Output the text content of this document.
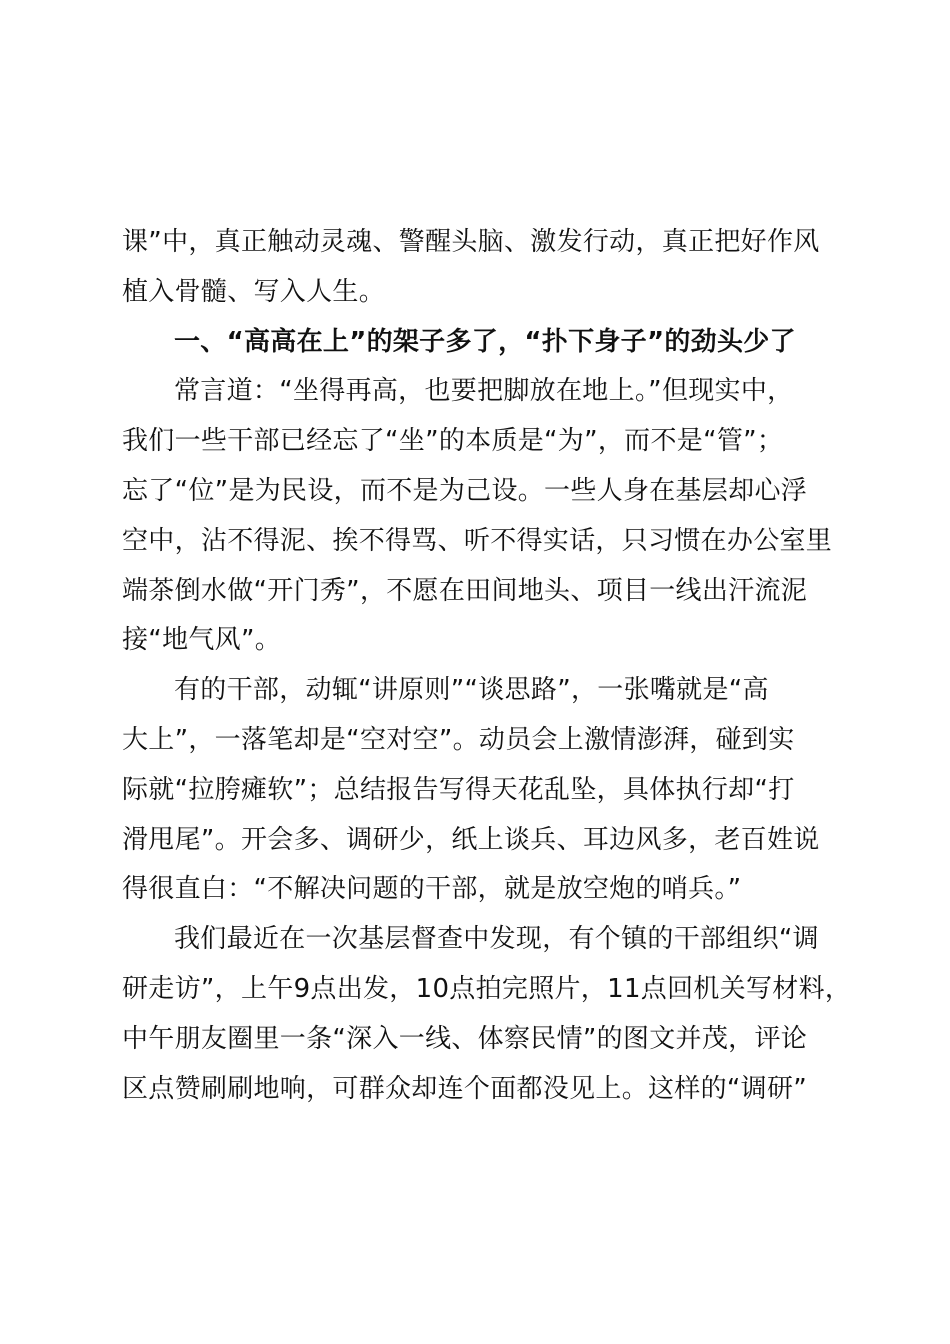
课”中，真正触动灵魂、警醒头脑、激发行动，真正把好作风
植入骨髓、写入人生。
一、“高高在上”的架子多了，“扑下身子”的劲头少了
常言道：“坐得再高，也要把脚放在地上。”但现实中，
我们一些干部已经忘了“坐”的本质是“为”，而不是“管”；
忘了“位”是为民设，而不是为己设。一些人身在基层却心浮
空中，沾不得泥、挨不得骂、听不得实话，只习惯在办公室里
端茶倒水做“开门秀”，不愿在田间地头、项目一线出汗流泥
接“地气风”。
有的干部，动辄“讲原则”“谈思路”，一张嘴就是“高
大上”，一落笔却是“空对空”。动员会上激情澎湃，碰到实
际就“拉胯瘫软”；总结报告写得天花乱坠，具体执行却“打
滑甩尾”。开会多、调研少，纸上谈兵、耳边风多，老百姓说
得很直白：“不解决问题的干部，就是放空炮的哨兵。”
我们最近在一次基层督查中发现，有个镇的干部组织“调
研走访”，上午9点出发，10点拍完照片，11点回机关写材料，
中午朋友圈里一条“深入一线、体察民情”的图文并茂，评论
区点赞刷刷地响，可群众却连个面都没见上。这样的“调研”
